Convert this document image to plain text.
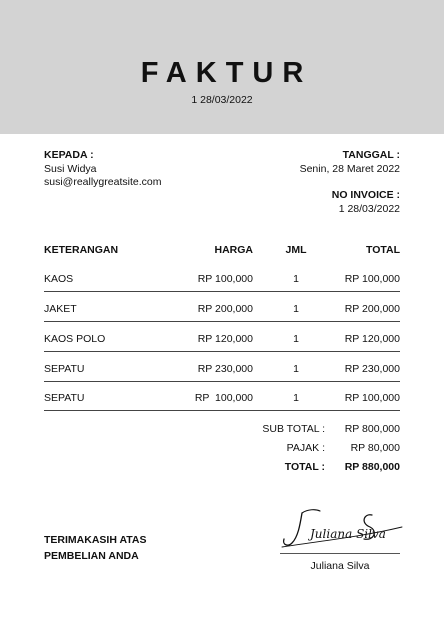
FAKTUR
1 28/03/2022
KEPADA :
Susi Widya
susi@reallygreatsite.com
TANGGAL :
Senin, 28 Maret 2022
NO INVOICE :
1 28/03/2022
KETERANGAN	HARGA	JML	TOTAL
KAOS	RP 100,000	1	RP 100,000
JAKET	RP 200,000	1	RP 200,000
KAOS POLO	RP 120,000	1	RP 120,000
SEPATU	RP 230,000	1	RP 230,000
SEPATU	RP  100,000	1	RP 100,000
SUB TOTAL : RP 800,000
PAJAK : RP 80,000
TOTAL : RP 880,000
TERIMAKASIH ATAS
PEMBELIAN ANDA
Juliana Silva
Juliana Silva
